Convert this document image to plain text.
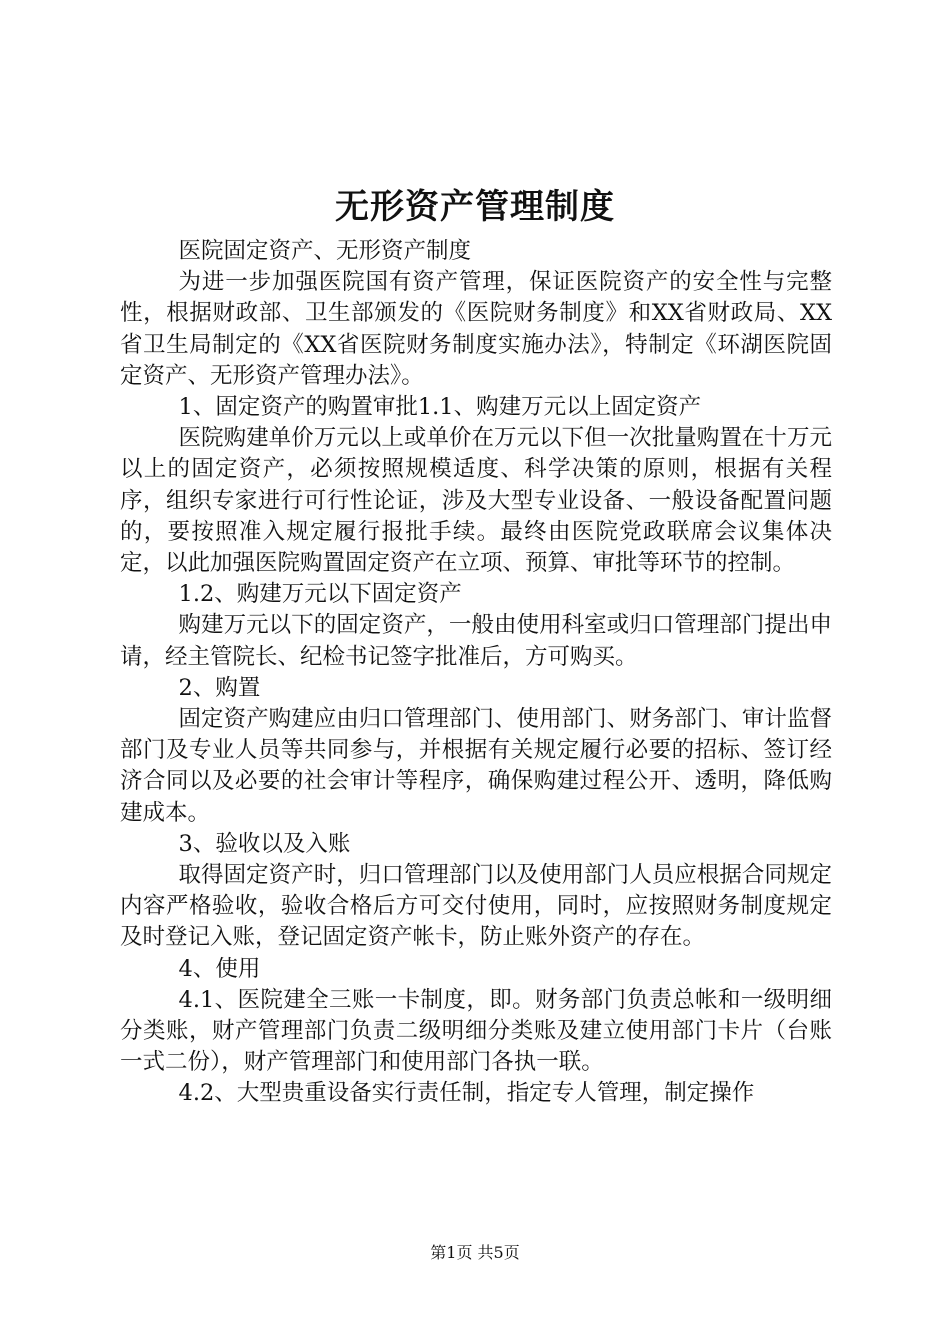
无形资产管理制度

医院固定资产、无形资产制度

为进一步加强医院国有资产管理，保证医院资产的安全性与完整性，根据财政部、卫生部颁发的《医院财务制度》和XX省财政局、XX省卫生局制定的《XX省医院财务制度实施办法》，特制定《环湖医院固定资产、无形资产管理办法》。

1、固定资产的购置审批1.1、购建万元以上固定资产

医院购建单价万元以上或单价在万元以下但一次批量购置在十万元以上的固定资产，必须按照规模适度、科学决策的原则，根据有关程序，组织专家进行可行性论证，涉及大型专业设备、一般设备配置问题的，要按照准入规定履行报批手续。最终由医院党政联席会议集体决定，以此加强医院购置固定资产在立项、预算、审批等环节的控制。

1.2、购建万元以下固定资产

购建万元以下的固定资产，一般由使用科室或归口管理部门提出申请，经主管院长、纪检书记签字批准后，方可购买。

2、购置

固定资产购建应由归口管理部门、使用部门、财务部门、审计监督部门及专业人员等共同参与，并根据有关规定履行必要的招标、签订经济合同以及必要的社会审计等程序，确保购建过程公开、透明，降低购建成本。

3、验收以及入账

取得固定资产时，归口管理部门以及使用部门人员应根据合同规定内容严格验收，验收合格后方可交付使用，同时，应按照财务制度规定及时登记入账，登记固定资产帐卡，防止账外资产的存在。

4、使用

4.1、医院建全三账一卡制度，即。财务部门负责总帐和一级明细分类账，财产管理部门负责二级明细分类账及建立使用部门卡片（台账一式二份），财产管理部门和使用部门各执一联。

4.2、大型贵重设备实行责任制，指定专人管理，制定操作

第1页 共5页
